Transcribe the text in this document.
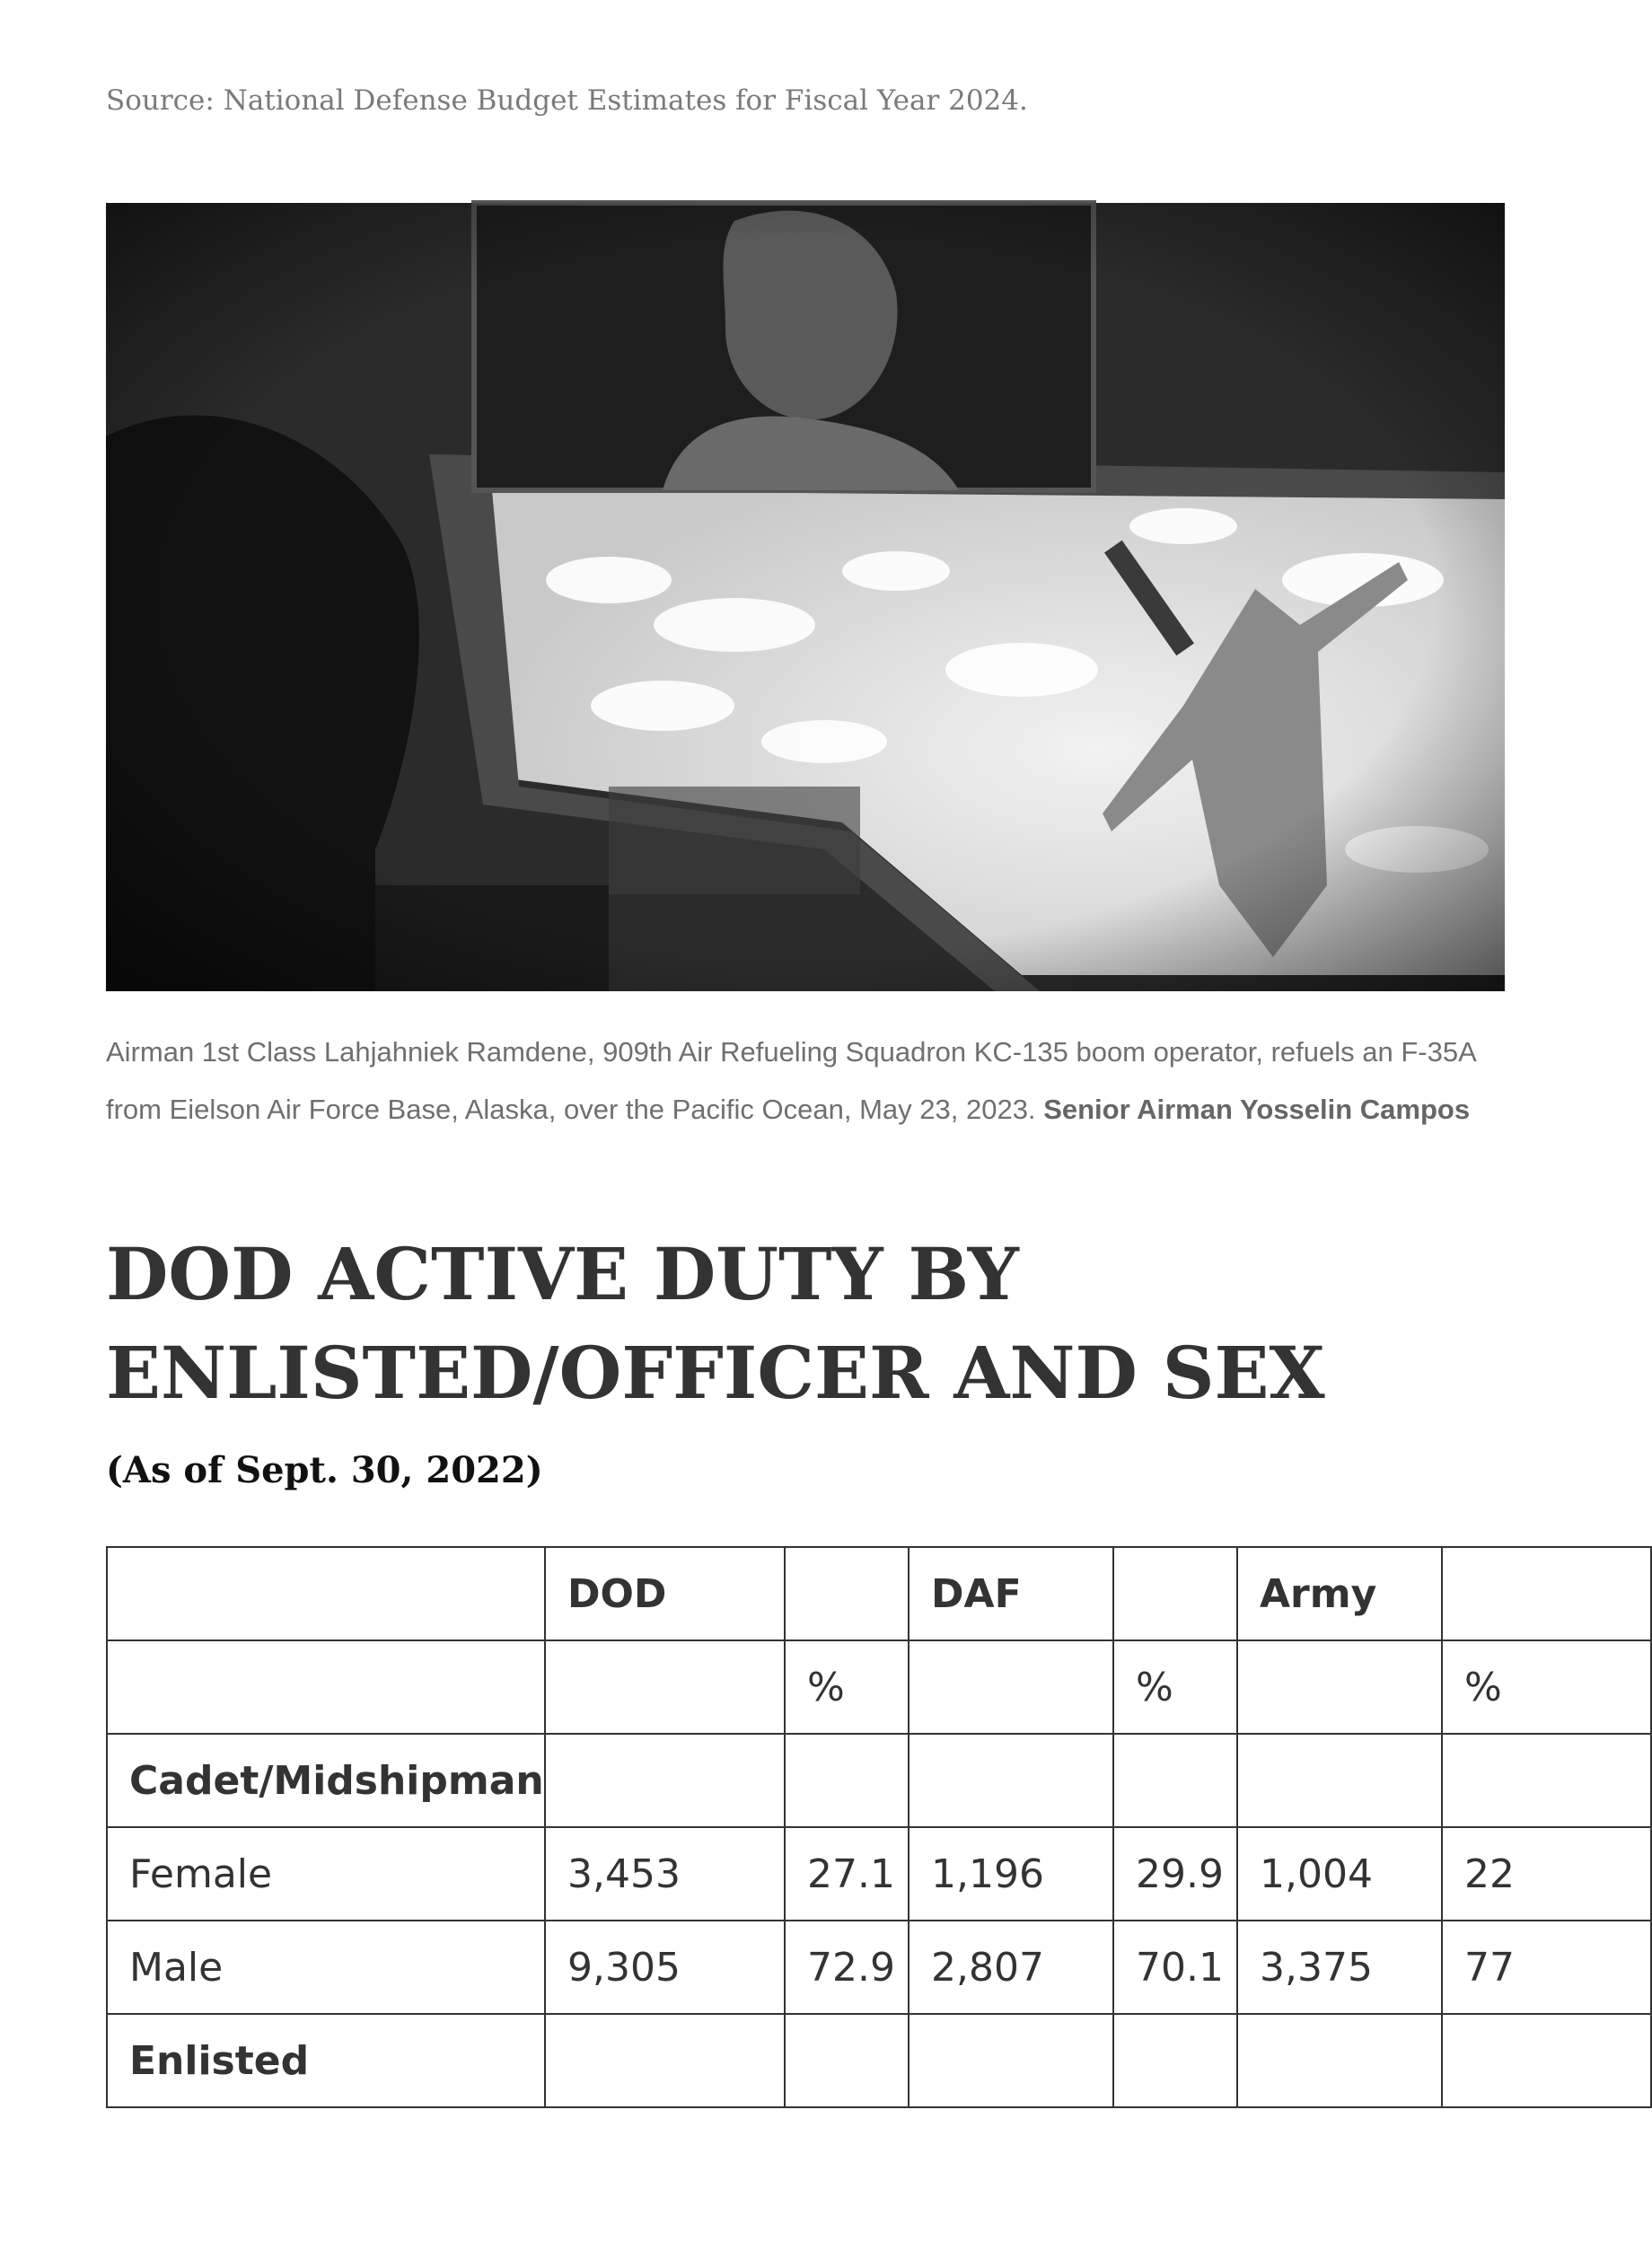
Source: National Defense Budget Estimates for Fiscal Year 2024.
Airman 1st Class Lahjahniek Ramdene, 909th Air Refueling Squadron KC-135 boom operator, refuels an F-35A from Eielson Air Force Base, Alaska, over the Pacific Ocean, May 23, 2023. Senior Airman Yosselin Campos
DOD ACTIVE DUTY BY ENLISTED/OFFICER AND SEX
(As of Sept. 30, 2022)
	DOD		DAF		Army	
		%		%		%
Cadet/Midshipman						
Female	3,453	27.1	1,196	29.9	1,004	22
Male	9,305	72.9	2,807	70.1	3,375	77
Enlisted						
